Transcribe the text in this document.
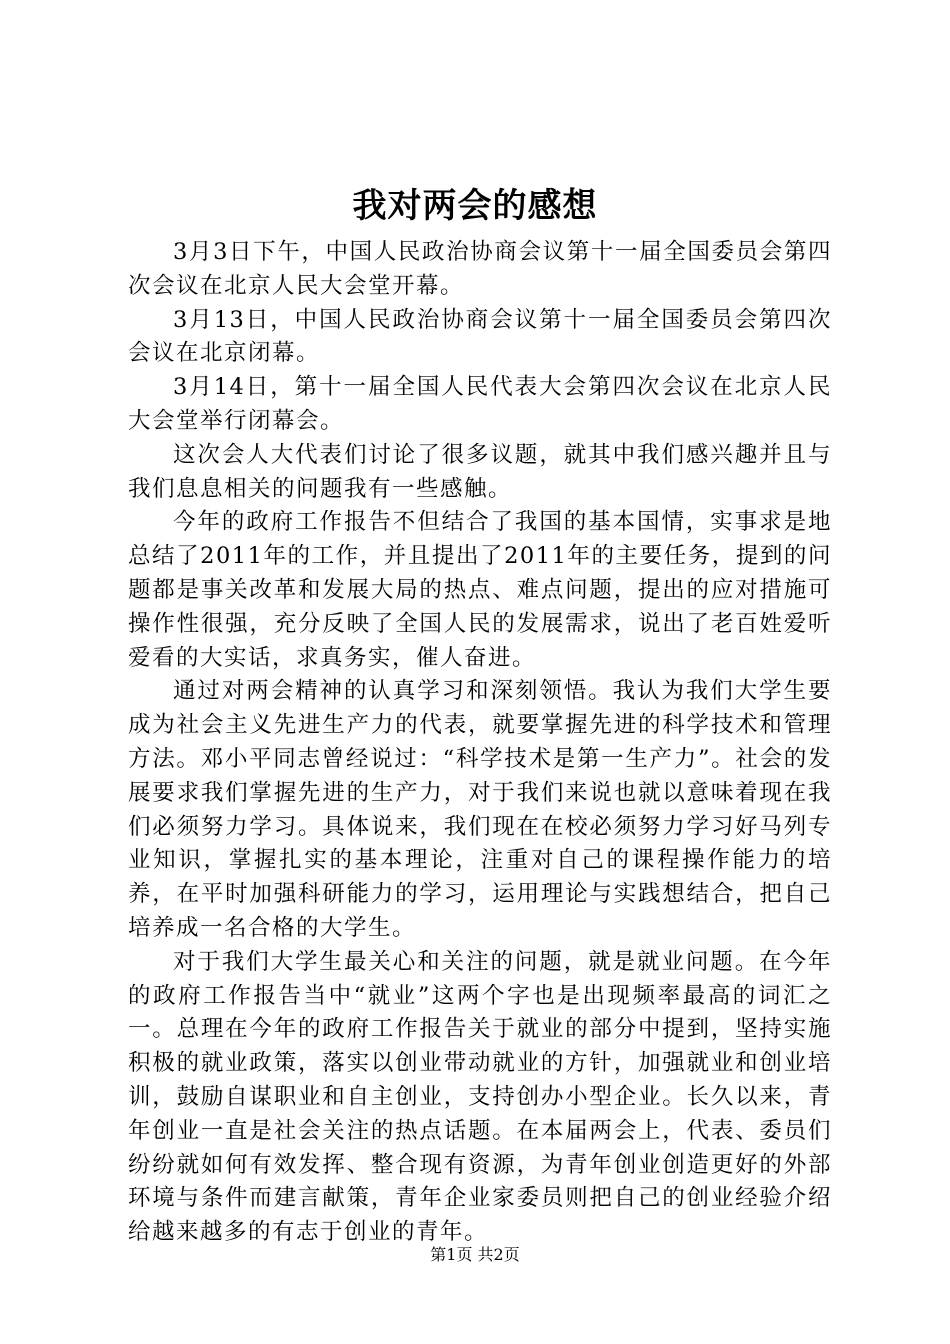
我对两会的感想

3月3日下午，中国人民政治协商会议第十一届全国委员会第四次会议在北京人民大会堂开幕。

3月13日，中国人民政治协商会议第十一届全国委员会第四次会议在北京闭幕。

3月14日，第十一届全国人民代表大会第四次会议在北京人民大会堂举行闭幕会。

这次会人大代表们讨论了很多议题，就其中我们感兴趣并且与我们息息相关的问题我有一些感触。

今年的政府工作报告不但结合了我国的基本国情，实事求是地总结了2011年的工作，并且提出了2011年的主要任务，提到的问题都是事关改革和发展大局的热点、难点问题，提出的应对措施可操作性很强，充分反映了全国人民的发展需求，说出了老百姓爱听爱看的大实话，求真务实，催人奋进。

通过对两会精神的认真学习和深刻领悟。我认为我们大学生要成为社会主义先进生产力的代表，就要掌握先进的科学技术和管理方法。邓小平同志曾经说过：“科学技术是第一生产力”。社会的发展要求我们掌握先进的生产力，对于我们来说也就以意味着现在我们必须努力学习。具体说来，我们现在在校必须努力学习好马列专业知识，掌握扎实的基本理论，注重对自己的课程操作能力的培养，在平时加强科研能力的学习，运用理论与实践想结合，把自己培养成一名合格的大学生。

对于我们大学生最关心和关注的问题，就是就业问题。在今年的政府工作报告当中“就业”这两个字也是出现频率最高的词汇之一。总理在今年的政府工作报告关于就业的部分中提到，坚持实施积极的就业政策，落实以创业带动就业的方针，加强就业和创业培训，鼓励自谋职业和自主创业，支持创办小型企业。长久以来，青年创业一直是社会关注的热点话题。在本届两会上，代表、委员们纷纷就如何有效发挥、整合现有资源，为青年创业创造更好的外部环境与条件而建言献策，青年企业家委员则把自己的创业经验介绍给越来越多的有志于创业的青年。

第1页 共2页
